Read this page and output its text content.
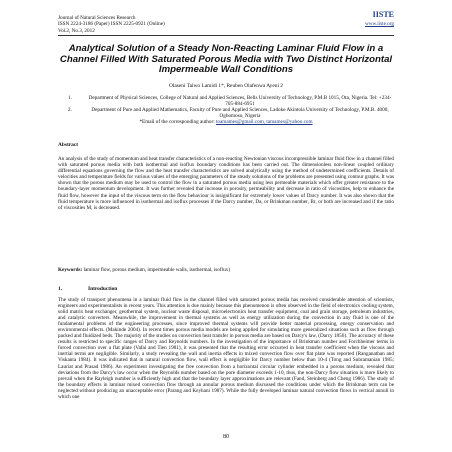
Journal of Natural Sciences Research
ISSN 2224-3186 (Paper) ISSN 2225-0921 (Online)
Vol.2, No.3, 2012
IISTE
www.iiste.org
Analytical Solution of a Steady Non-Reacting Laminar Fluid Flow in a Channel Filled With Saturated Porous Media with Two Distinct Horizontal Impermeable Wall Conditions
Olaseni Taiwo Lamidi 1*, Reuben Olafenwa Ayeni 2
1.	Department of Physical Sciences, College of Natural and Applied Sciences, Bells University of Technology, P.M.B 1015, Ota, Nigeria. Tel: +234-705-884-6951
2.	Department of Pure and Applied Mathematics, Faculty of Pure and Applied Sciences, Ladoke Akintola University of Technology, P.M.B. 4000, Ogbomoso, Nigeria
*Email of the corresponding author: toamames@gmail.com, tamames@yahoo.com
Abstract
An analysis of the study of momentum and heat transfer characteristics of a non-reacting Newtonian viscous incompressible laminar fluid flow in a channel filled with saturated porous media with both isothermal and isoflux boundary conditions has been carried out. The dimensionless non-linear coupled ordinary differential equations governing the flow and the heat transfer characteristics are solved analytically using the method of undetermined coefficients. Details of velocities and temperature fields for various values of the emerging parameters of the steady solutions of the problems are presented using contour graphs. It was shown that the porous medium may be used to control the flow in a saturated porous media using less permeable materials which offer greater resistance to the boundary-layer momentum development. It was further revealed that increase in porosity, permeability and decrease in ratio of viscosities, help to enhance the fluid flow, however the input of the viscous term on the flow behaviour is insignificant for extremely lower values of Darcy number. It was also shown that the fluid temperature is more influenced in isothermal and isoflux processes if the Darcy number, Da, or Brinkman number, Br, or both are increased and if the ratio of viscosities M, is decreased.
Keywords: laminar flow, porous medium, impermeable walls, isothermal, isoflux)
1.	Introduction
The study of transport phenomena in a laminar fluid flow in the channel filled with saturated porous media has received considerable attention of scientists, engineers and experimentalists in recent years. This attention is due mainly because this phenomenon is often observed in the field of electronics cooling system, solid matrix heat exchanger, geothermal system, nuclear waste disposal, microelectronics heat transfer equipment, coal and grain storage, petroleum industries, and catalytic converters. Meanwhile, the improvement in thermal systems as well as energy utilization during the convection in any fluid is one of the fundamental problems of the engineering processes, since improved thermal systems will provide better material processing, energy conservation and environmental effects. (Makinde 2004). In recent times porous media models are being applied for simulating more generalized situations such as flow through packed and fluidized beds. The majority of the studies on convection heat transfer in porous media are based on Darcy's law, (Darcy 1856). The accuracy of these results is restricted to specific ranges of Darcy and Reynolds numbers. In the investigation of the importance of Brinkman number and Forchheimer terms in forced convection over a flat plate (Vafai and Tien 1981), it was presented that the resulting error occurred in heat transfer coefficient when the viscous and inertial terms are negligible. Similarly, a study revealing the wall and inertia effects in mixed convection flow over flat plate was reported (Ranganathan and Viskanta 1984). It was indicated that in natural convection flow, wall effect is negligible for Darcy number below than 10-4 (Tong and Subramanian 1985; Lauriat and Prasad 1986). An experiment investigating the free convection from a horizontal circular cylinder embedded in a porous medium, revealed that deviations from the Darcy's law occur when the Reynolds number based on the pore diameter exceeds 1-10, thus, the non-Darcy flow situation is more likely to prevail when the Rayleigh number is sufficiently high and that the boundary layer approximations are relevant (Fand, Steinberg and Cheng 1986). The study of the boundary effects in laminar mixed convection flow through an annular porous medium discussed the conditions under which the Brinkman term can be neglected without producing an unacceptable error (Parang and Keyhani 1987). While the fully developed laminar natural convection flows in vertical annuli in which one
80
